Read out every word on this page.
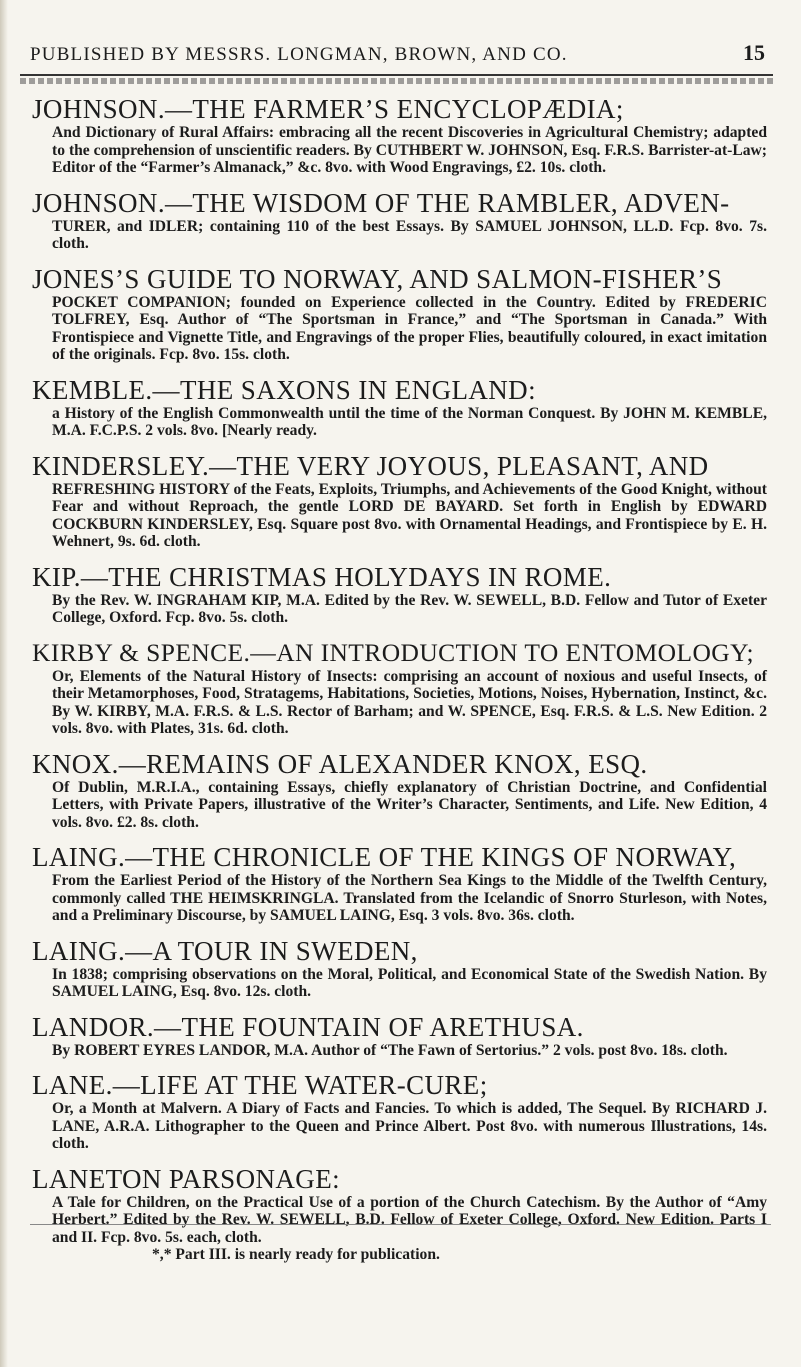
PUBLISHED BY MESSRS. LONGMAN, BROWN, AND CO.	15
JOHNSON.—THE FARMER’S ENCYCLOPÆDIA;
And Dictionary of Rural Affairs: embracing all the recent Discoveries in Agricultural Chemistry; adapted to the comprehension of unscientific readers. By CUTHBERT W. JOHNSON, Esq. F.R.S. Barrister-at-Law; Editor of the “Farmer’s Almanack,” &c. 8vo. with Wood Engravings, £2. 10s. cloth.
JOHNSON.—THE WISDOM OF THE RAMBLER, ADVEN-
TURER, and IDLER; containing 110 of the best Essays. By SAMUEL JOHNSON, LL.D. Fcp. 8vo. 7s. cloth.
JONES’S GUIDE TO NORWAY, AND SALMON-FISHER’S
POCKET COMPANION; founded on Experience collected in the Country. Edited by FREDERIC TOLFREY, Esq. Author of “The Sportsman in France,” and “The Sportsman in Canada.” With Frontispiece and Vignette Title, and Engravings of the proper Flies, beautifully coloured, in exact imitation of the originals. Fcp. 8vo. 15s. cloth.
KEMBLE.—THE SAXONS IN ENGLAND:
a History of the English Commonwealth until the time of the Norman Conquest. By JOHN M. KEMBLE, M.A. F.C.P.S. 2 vols. 8vo. [Nearly ready.
KINDERSLEY.—THE VERY JOYOUS, PLEASANT, AND
REFRESHING HISTORY of the Feats, Exploits, Triumphs, and Achievements of the Good Knight, without Fear and without Reproach, the gentle LORD DE BAYARD. Set forth in English by EDWARD COCKBURN KINDERSLEY, Esq. Square post 8vo. with Ornamental Headings, and Frontispiece by E. H. Wehnert, 9s. 6d. cloth.
KIP.—THE CHRISTMAS HOLYDAYS IN ROME.
By the Rev. W. INGRAHAM KIP, M.A. Edited by the Rev. W. SEWELL, B.D. Fellow and Tutor of Exeter College, Oxford. Fcp. 8vo. 5s. cloth.
KIRBY & SPENCE.—AN INTRODUCTION TO ENTOMOLOGY;
Or, Elements of the Natural History of Insects: comprising an account of noxious and useful Insects, of their Metamorphoses, Food, Stratagems, Habitations, Societies, Motions, Noises, Hybernation, Instinct, &c. By W. KIRBY, M.A. F.R.S. & L.S. Rector of Barham; and W. SPENCE, Esq. F.R.S. & L.S. New Edition. 2 vols. 8vo. with Plates, 31s. 6d. cloth.
KNOX.—REMAINS OF ALEXANDER KNOX, ESQ.
Of Dublin, M.R.I.A., containing Essays, chiefly explanatory of Christian Doctrine, and Confidential Letters, with Private Papers, illustrative of the Writer’s Character, Sentiments, and Life. New Edition, 4 vols. 8vo. £2. 8s. cloth.
LAING.—THE CHRONICLE OF THE KINGS OF NORWAY,
From the Earliest Period of the History of the Northern Sea Kings to the Middle of the Twelfth Century, commonly called THE HEIMSKRINGLA. Translated from the Icelandic of Snorro Sturleson, with Notes, and a Preliminary Discourse, by SAMUEL LAING, Esq. 3 vols. 8vo. 36s. cloth.
LAING.—A TOUR IN SWEDEN,
In 1838; comprising observations on the Moral, Political, and Economical State of the Swedish Nation. By SAMUEL LAING, Esq. 8vo. 12s. cloth.
LANDOR.—THE FOUNTAIN OF ARETHUSA.
By ROBERT EYRES LANDOR, M.A. Author of “The Fawn of Sertorius.” 2 vols. post 8vo. 18s. cloth.
LANE.—LIFE AT THE WATER-CURE;
Or, a Month at Malvern. A Diary of Facts and Fancies. To which is added, The Sequel. By RICHARD J. LANE, A.R.A. Lithographer to the Queen and Prince Albert. Post 8vo. with numerous Illustrations, 14s. cloth.
LANETON PARSONAGE:
A Tale for Children, on the Practical Use of a portion of the Church Catechism. By the Author of “Amy Herbert.” Edited by the Rev. W. SEWELL, B.D. Fellow of Exeter College, Oxford. New Edition. Parts I and II. Fcp. 8vo. 5s. each, cloth.
*,* Part III. is nearly ready for publication.
